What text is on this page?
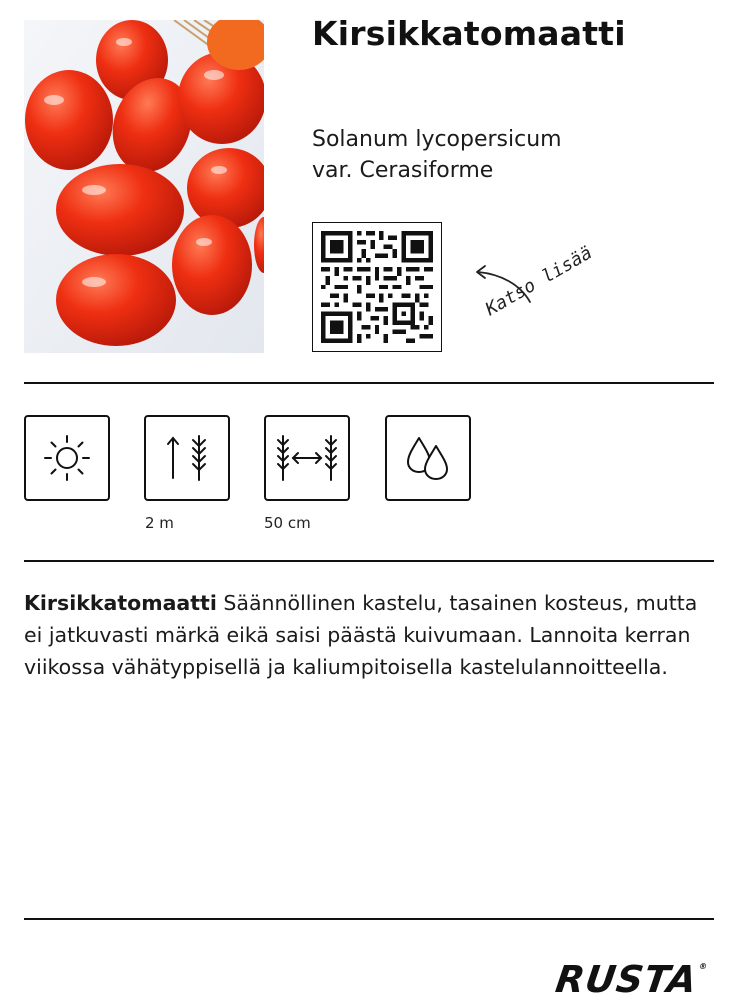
Kirsikkatomaatti
Solanum lycopersicum
var. Cerasiforme
Katso lisää
2 m	50 cm

Kirsikkatomaatti Säännöllinen kastelu, tasainen kosteus, mutta ei jatkuvasti märkä eikä saisi päästä kuivumaan. Lannoita kerran viikossa vähätyppisellä ja kaliumpitoisella kastelulannoitteella.

RUSTA®
